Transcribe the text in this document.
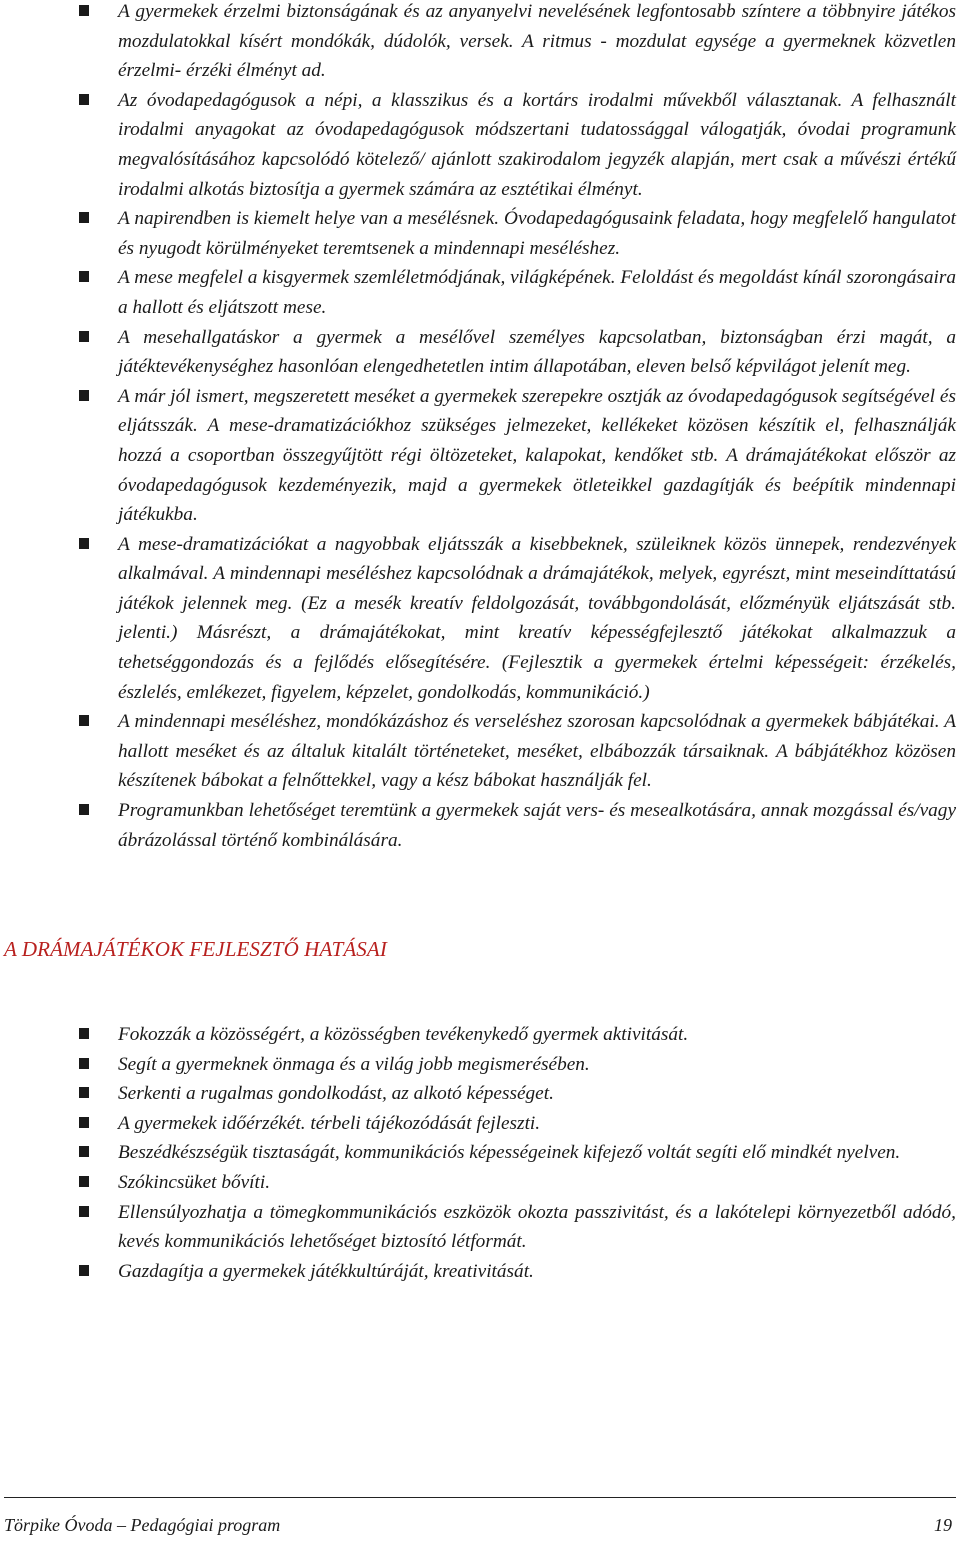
A gyermekek érzelmi biztonságának és az anyanyelvi nevelésének legfontosabb színtere a többnyire játékos mozdulatokkal kísért mondókák, dúdolók, versek. A ritmus - mozdulat egysége a gyermeknek közvetlen érzelmi- érzéki élményt ad.
Az óvodapedagógusok a népi, a klasszikus és a kortárs irodalmi művekből választanak. A felhasznált irodalmi anyagokat az óvodapedagógusok módszertani tudatossággal válogatják, óvodai programunk megvalósításához kapcsolódó kötelező/ ajánlott szakirodalom jegyzék alapján, mert csak a művészi értékű irodalmi alkotás biztosítja a gyermek számára az esztétikai élményt.
A napirendben is kiemelt helye van a mesélésnek. Óvodapedagógusaink feladata, hogy megfelelő hangulatot és nyugodt körülményeket teremtsenek a mindennapi meséléshez.
A mese megfelel a kisgyermek szemléletmódjának, világképének. Feloldást és megoldást kínál szorongásaira a hallott és eljátszott mese.
A mesehallgatáskor a gyermek a mesélővel személyes kapcsolatban, biztonságban érzi magát, a játéktevékenységhez hasonlóan elengedhetetlen intim állapotában, eleven belső képvilágot jelenít meg.
A már jól ismert, megszeretett meséket a gyermekek szerepekre osztják az óvodapedagógusok segítségével és eljátsszák. A mese-dramatizációkhoz szükséges jelmezeket, kellékeket közösen készítik el, felhasználják hozzá a csoportban összegyűjtött régi öltözeteket, kalapokat, kendőket stb. A drámajátékokat először az óvodapedagógusok kezdeményezik, majd a gyermekek ötleteikkel gazdagítják és beépítik mindennapi játékukba.
A mese-dramatizációkat a nagyobbak eljátsszák a kisebbeknek, szüleiknek közös ünnepek, rendezvények alkalmával. A mindennapi meséléshez kapcsolódnak a drámajátékok, melyek, egyrészt, mint meseindíttatású játékok jelennek meg. (Ez a mesék kreatív feldolgozását, továbbgondolását, előzményük eljátszását stb. jelenti.) Másrészt, a drámajátékokat, mint kreatív képességfejlesztő játékokat alkalmazzuk a tehetséggondozás és a fejlődés elősegítésére. (Fejlesztik a gyermekek értelmi képességeit: érzékelés, észlelés, emlékezet, figyelem, képzelet, gondolkodás, kommunikáció.)
A mindennapi meséléshez, mondókázáshoz és verseléshez szorosan kapcsolódnak a gyermekek bábjátékai. A hallott meséket és az általuk kitalált történeteket, meséket, elbábozzák társaiknak. A bábjátékhoz közösen készítenek bábokat a felnőttekkel, vagy a kész bábokat használják fel.
Programunkban lehetőséget teremtünk a gyermekek saját vers- és mesealkotására, annak mozgással és/vagy ábrázolással történő kombinálására.
A DRÁMAJÁTÉKOK FEJLESZTŐ HATÁSAI
Fokozzák a közösségért, a közösségben tevékenykedő gyermek aktivitását.
Segít a gyermeknek önmaga és a világ jobb megismerésében.
Serkenti a rugalmas gondolkodást, az alkotó képességet.
A gyermekek időérzékét. térbeli tájékozódását fejleszti.
Beszédkészségük tisztaságát, kommunikációs képességeinek kifejező voltát segíti elő mindkét nyelven.
Szókincsüket bővíti.
Ellensúlyozhatja a tömegkommunikációs eszközök okozta passzivitást, és a lakótelepi környezetből adódó, kevés kommunikációs lehetőséget biztosító létformát.
Gazdagítja a gyermekek játékkultúráját, kreativitását.
Törpike Óvoda – Pedagógiai program	19
